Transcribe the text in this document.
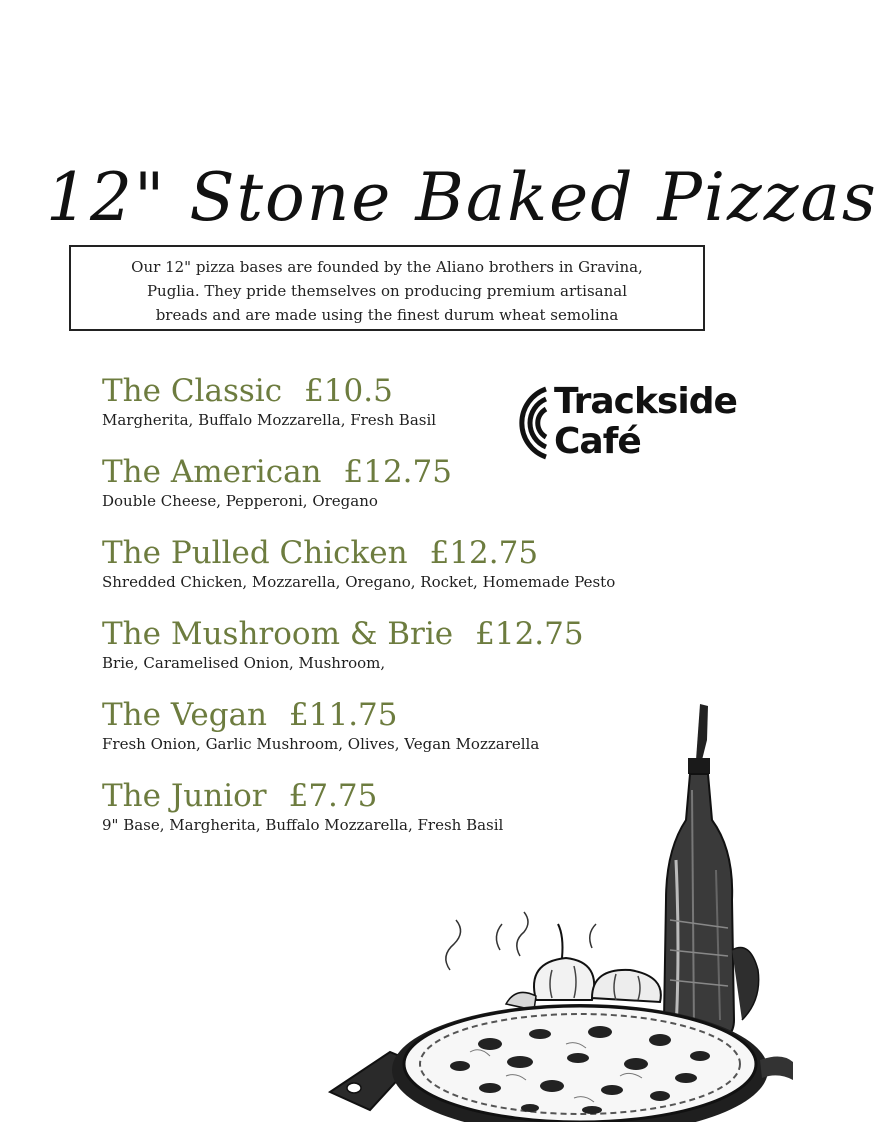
12" Stone Baked Pizzas
Our 12" pizza bases are founded by the Aliano brothers in Gravina,
Puglia. They pride themselves on producing premium artisanal
breads and are made using the finest durum wheat semolina
Trackside
Café
The Classic £10.5
Margherita, Buffalo Mozzarella, Fresh Basil
The American £12.75
Double Cheese, Pepperoni, Oregano
The Pulled Chicken £12.75
Shredded Chicken, Mozzarella, Oregano, Rocket, Homemade Pesto
The Mushroom & Brie £12.75
Brie, Caramelised Onion, Mushroom,
The Vegan £11.75
Fresh Onion, Garlic Mushroom, Olives, Vegan Mozzarella
The Junior £7.75
9" Base, Margherita, Buffalo Mozzarella, Fresh Basil
